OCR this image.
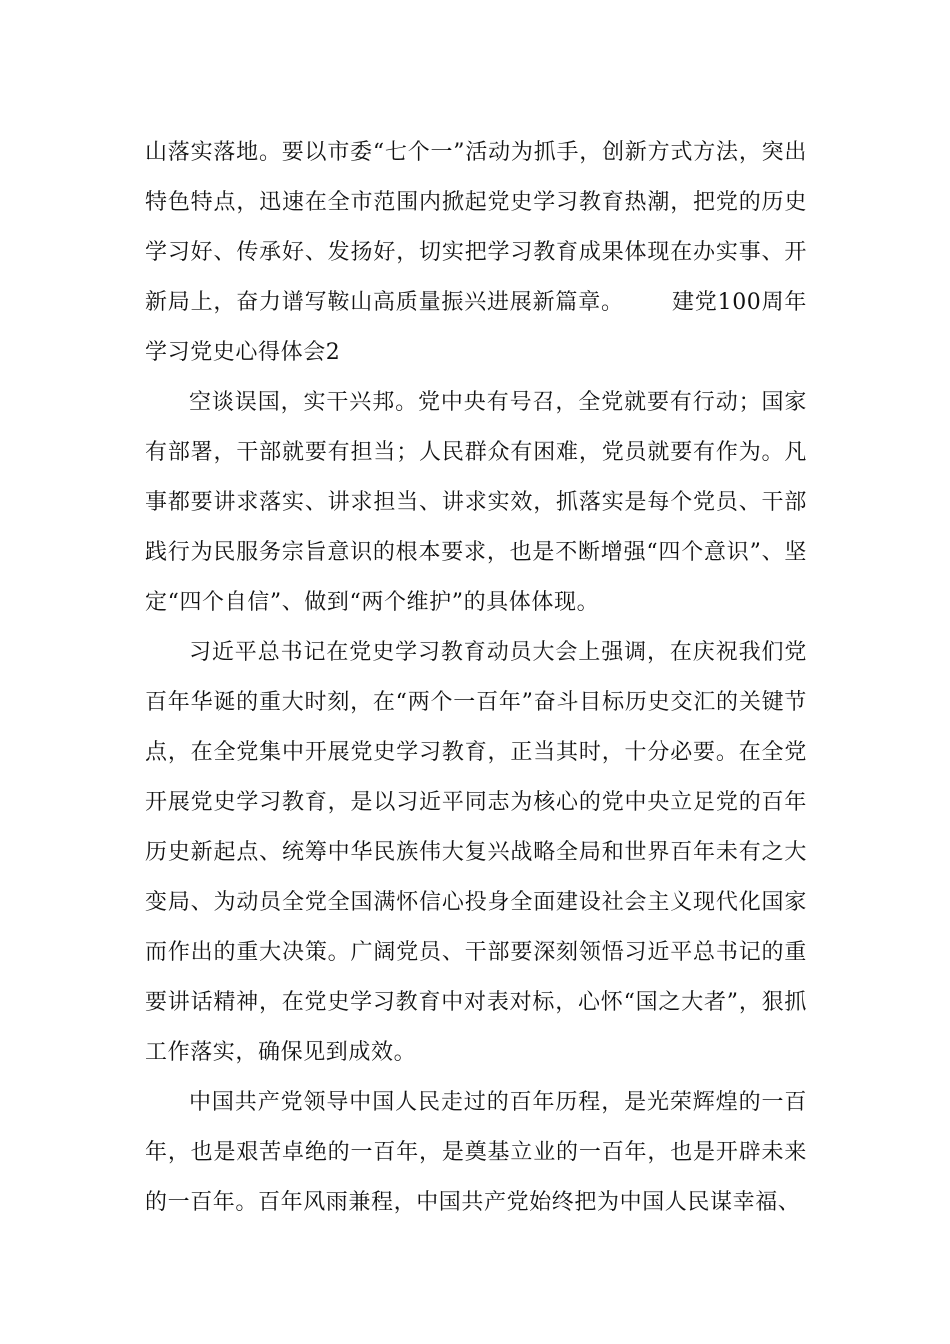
山落实落地。要以市委“七个一”活动为抓手，创新方式方法，突出特色特点，迅速在全市范围内掀起党史学习教育热潮，把党的历史学习好、传承好、发扬好，切实把学习教育成果体现在办实事、开新局上，奋力谱写鞍山高质量振兴进展新篇章。 建党100周年学习党史心得体会2

空谈误国，实干兴邦。党中央有号召，全党就要有行动；国家有部署，干部就要有担当；人民群众有困难，党员就要有作为。凡事都要讲求落实、讲求担当、讲求实效，抓落实是每个党员、干部践行为民服务宗旨意识的根本要求，也是不断增强“四个意识”、坚定“四个自信”、做到“两个维护”的具体体现。

习近平总书记在党史学习教育动员大会上强调，在庆祝我们党百年华诞的重大时刻，在“两个一百年”奋斗目标历史交汇的关键节点，在全党集中开展党史学习教育，正当其时，十分必要。在全党开展党史学习教育，是以习近平同志为核心的党中央立足党的百年历史新起点、统筹中华民族伟大复兴战略全局和世界百年未有之大变局、为动员全党全国满怀信心投身全面建设社会主义现代化国家而作出的重大决策。广阔党员、干部要深刻领悟习近平总书记的重要讲话精神，在党史学习教育中对表对标，心怀“国之大者”，狠抓工作落实，确保见到成效。

中国共产党领导中国人民走过的百年历程，是光荣辉煌的一百年，也是艰苦卓绝的一百年，是奠基立业的一百年，也是开辟未来的一百年。百年风雨兼程，中国共产党始终把为中国人民谋幸福、
